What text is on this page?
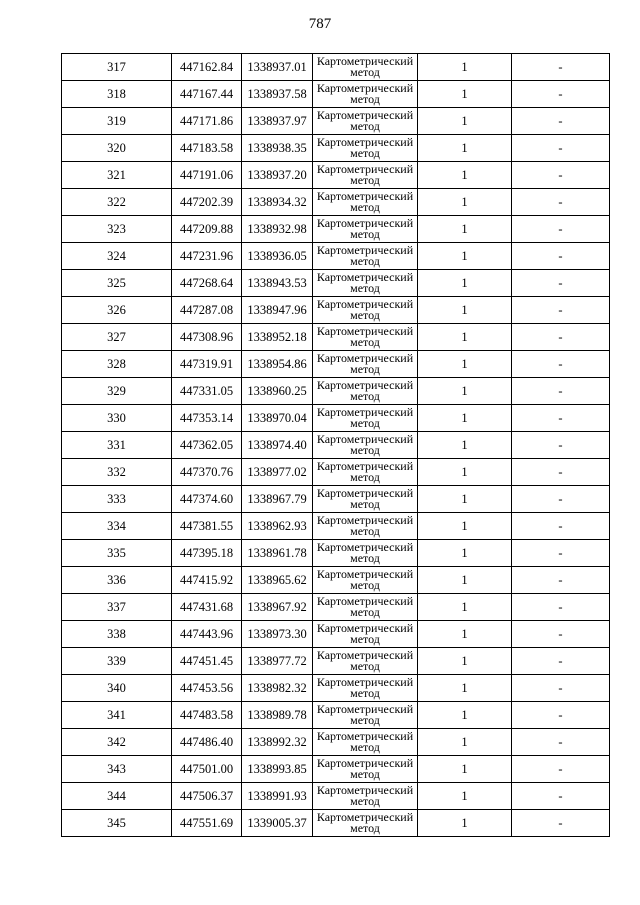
787
317	447162.84	1338937.01	Картометрический
метод	1	-
318	447167.44	1338937.58	Картометрический
метод	1	-
319	447171.86	1338937.97	Картометрический
метод	1	-
320	447183.58	1338938.35	Картометрический
метод	1	-
321	447191.06	1338937.20	Картометрический
метод	1	-
322	447202.39	1338934.32	Картометрический
метод	1	-
323	447209.88	1338932.98	Картометрический
метод	1	-
324	447231.96	1338936.05	Картометрический
метод	1	-
325	447268.64	1338943.53	Картометрический
метод	1	-
326	447287.08	1338947.96	Картометрический
метод	1	-
327	447308.96	1338952.18	Картометрический
метод	1	-
328	447319.91	1338954.86	Картометрический
метод	1	-
329	447331.05	1338960.25	Картометрический
метод	1	-
330	447353.14	1338970.04	Картометрический
метод	1	-
331	447362.05	1338974.40	Картометрический
метод	1	-
332	447370.76	1338977.02	Картометрический
метод	1	-
333	447374.60	1338967.79	Картометрический
метод	1	-
334	447381.55	1338962.93	Картометрический
метод	1	-
335	447395.18	1338961.78	Картометрический
метод	1	-
336	447415.92	1338965.62	Картометрический
метод	1	-
337	447431.68	1338967.92	Картометрический
метод	1	-
338	447443.96	1338973.30	Картометрический
метод	1	-
339	447451.45	1338977.72	Картометрический
метод	1	-
340	447453.56	1338982.32	Картометрический
метод	1	-
341	447483.58	1338989.78	Картометрический
метод	1	-
342	447486.40	1338992.32	Картометрический
метод	1	-
343	447501.00	1338993.85	Картометрический
метод	1	-
344	447506.37	1338991.93	Картометрический
метод	1	-
345	447551.69	1339005.37	Картометрический
метод	1	-
